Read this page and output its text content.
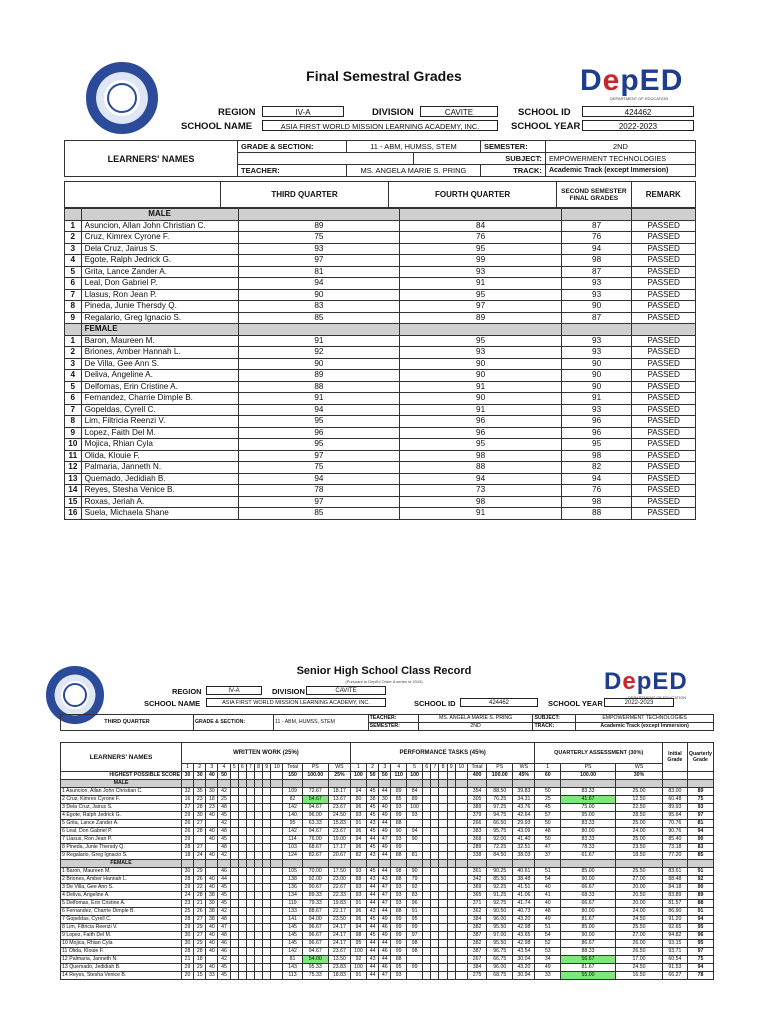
Final Semestral Grades	DepED
DEPARTMENT OF EDUCATION
REGION	IV-A	DIVISION	CAVITE	SCHOOL ID	424462
SCHOOL NAME	ASIA FIRST WORLD MISSION LEARNING ACADEMY, INC.	SCHOOL YEAR	2022-2023
LEARNERS' NAMES	GRADE & SECTION:	11 - ABM, HUMSS, STEM		SEMESTER:	2ND
			SUBJECT:		EMPOWERMENT TECHNOLOGIES
	TEACHER:	MS. ANGELA MARIE S. PRING		TRACK:	Academic Track (except Immersion)
	THIRD QUARTER	FOURTH QUARTER	SECOND SEMESTER FINAL GRADES	REMARK
	MALE				
1	Asuncion, Allan John Christian C.	89	84	87	PASSED
2	Cruz, Kimrex Cyrone F.	75	76	76	PASSED
3	Dela Cruz, Jairus S.	93	95	94	PASSED
4	Egote, Ralph Jedrick G.	97	99	98	PASSED
5	Grita, Lance Zander A.	81	93	87	PASSED
6	Leal, Don Gabriel P.	94	91	93	PASSED
7	Llasus, Ron Jean P.	90	95	93	PASSED
8	Pineda, Junie Thersdy Q.	83	97	90	PASSED
9	Regalario, Greg Ignacio S.	85	89	87	PASSED
	FEMALE				
1	Baron, Maureen M.	91	95	93	PASSED
2	Briones, Amber Hannah L.	92	93	93	PASSED
3	De Villa, Gee Ann S.	90	90	90	PASSED
4	Deliva, Angeline A.	89	90	90	PASSED
5	Delfomas, Erin Cristine A.	88	91	90	PASSED
6	Fernandez, Charrie Dimple B.	91	90	91	PASSED
7	Gopeldas, Cyrell C.	94	91	93	PASSED
8	Lim, Filtricia Reenzi V.	95	96	96	PASSED
9	Lopez, Faith Del M.	96	96	96	PASSED
10	Mojica, Rhian Cyla	95	95	95	PASSED
11	Olida, Klouie F.	97	98	98	PASSED
12	Palmaria, Janneth N.	75	88	82	PASSED
13	Quemado, Jedidiah B.	94	94	94	PASSED
14	Reyes, Stesha Venice B.	78	73	76	PASSED
15	Roxas, Jeriah A.	97	98	98	PASSED
16	Suela, Michaela Shane	85	91	88	PASSED
Senior High School Class Record
(Pursuant to DepEd Order 8 series of 2015)	DepED
DEPARTMENT OF EDUCATION
REGION	IV-A	DIVISION	CAVITE
SCHOOL NAME	ASIA FIRST WORLD MISSION LEARNING ACADEMY, INC.	SCHOOL ID	424462	SCHOOL YEAR	2022-2023
THIRD QUARTER	GRADE & SECTION:	11 - ABM, HUMSS, STEM	TEACHER:	MS. ANGELA MARIE S. PRING	SUBJECT:	EMPOWERMENT TECHNOLOGIES
			SEMESTER:	2ND	TRACK:	Academic Track (except Immersion)
LEARNERS' NAMES	WRITTEN WORK (25%)													PERFORMANCE TASKS (45%)													QUARTERLY ASSESSMENT (30%)			Initial Grade	Quarterly Grade
	1	2	3	4	5	6	7	8	9	10	Total	PS	WS	1	2	3	4	5	6	7	8	9	10	Total	PS	WS	1	PS	WS		
HIGHEST POSSIBLE SCORE	30	30	40	50							150	100.00	25%	100	50	50	110	100						400	100.00	45%	60	100.00	30%		
MALE																															
1 Asuncion, Allan John Christian C.	32	35	30	42							109	72.67	18.17	94	45	44	89	84						354	88.50	39.83	50	83.33	25.00	83.00	89
2 Cruz, Kimrex Cyrone F.	16	23	18	25							82	54.67	13.67	80	38	30	85	89						305	76.25	34.31	25	41.67	12.50	60.48	75
3 Dela Cruz, Jairus S.	27	28	23	48							142	94.67	23.67	96	45	40	93	100						389	97.25	43.76	45	75.00	22.50	89.93	93
4 Egote, Ralph Jedrick G.	29	30	40	45							140	96.00	24.50	93	45	49	99	93						379	94.75	42.64	57	95.00	28.50	95.64	97
5 Grita, Lance Zander A.	26	27		42							95	63.33	15.83	91	43	44	88							266	66.50	29.93	50	83.33	25.00	70.76	81
6 Leal, Don Gabriel P.	26	28	40	48							142	94.67	23.67	96	45	49	90	94						383	95.75	43.09	48	80.00	24.00	90.76	94
7 Llasus, Ron Jean P.	29		40	45							114	76.00	19.00	94	44	47	93	90						368	92.00	41.40	50	83.33	25.00	85.40	90
8 Pineda, Junie Thersdy Q.	28	27		48							103	68.67	17.17	96	45	49	99							289	72.25	32.51	47	78.33	23.50	73.18	83
9 Regalario, Greg Ignacio S.	18	24	40	42							124	82.67	20.67	82	43	44	88	81						338	84.50	38.03	37	61.67	18.50	77.20	85
FEMALE																															
1 Baron, Maureen M.	30	29		46							105	70.00	17.50	93	45	44	98	90						361	90.25	40.61	51	85.00	25.50	83.61	91
2 Briones, Amber Hannah L.	28	26	40	44							138	92.00	23.00	88	43	43	88	79						342	85.50	38.48	54	90.00	27.00	88.48	92
3 De Villa, Gee Ann S.	29	22	40	45							136	90.67	22.67	93	44	47	93	92						369	92.25	41.51	40	66.67	20.00	84.18	90
4 Deliva, Angeline A.	24	28	38	45							134	89.33	22.33	93	44	47	93	83						365	91.25	41.06	41	68.33	20.50	83.89	89
5 Delfomas, Erin Cristine A.	23	21	30	45							119	79.33	19.83	91	44	47	93	96						371	92.75	41.74	40	66.67	20.00	81.57	88
6 Fernandez, Charrie Dimple B.	25	26	38	42							133	88.67	22.17	96	43	44	88	91						362	90.50	40.73	48	80.00	24.00	86.90	91
7 Gopeldas, Cyrell C.	28	27	38	48							141	94.00	23.50	96	45	49	99	95						384	96.00	43.20	49	81.67	24.50	91.20	94
8 Lim, Filtricia Reenzi V.	29	29	40	47							145	96.67	24.17	94	44	46	99	99						382	95.50	42.98	51	85.00	25.50	92.65	95
9 Lopez, Faith Del M.	30	27	40	48							145	96.67	24.17	98	45	49	99	97						387	97.00	43.65	54	90.00	27.00	94.82	96
10 Mojica, Rhian Cyla	30	29	40	46							145	96.67	24.17	95	44	44	99	98						382	95.50	42.98	52	86.67	26.00	93.15	95
11 Olida, Klouie F.	28	28	40	46							142	94.67	23.67	100	44	46	99	98						387	96.75	43.54	53	88.33	26.50	93.71	97
12 Palmaria, Janneth N.	21	18		42							81	54.00	13.50	92	43	44	88							267	66.75	30.04	34	56.67	17.00	60.54	75
13 Quemado, Jedidiah B.	29	29	40	45							143	95.33	23.83	100	44	46	95	99						384	96.00	43.20	49	81.67	24.50	91.53	94
14 Reyes, Stesha Venice B.	20	15	33	45							113	75.33	18.83	91	44	47	93							275	68.75	30.94	33	55.00	16.50	66.27	78
